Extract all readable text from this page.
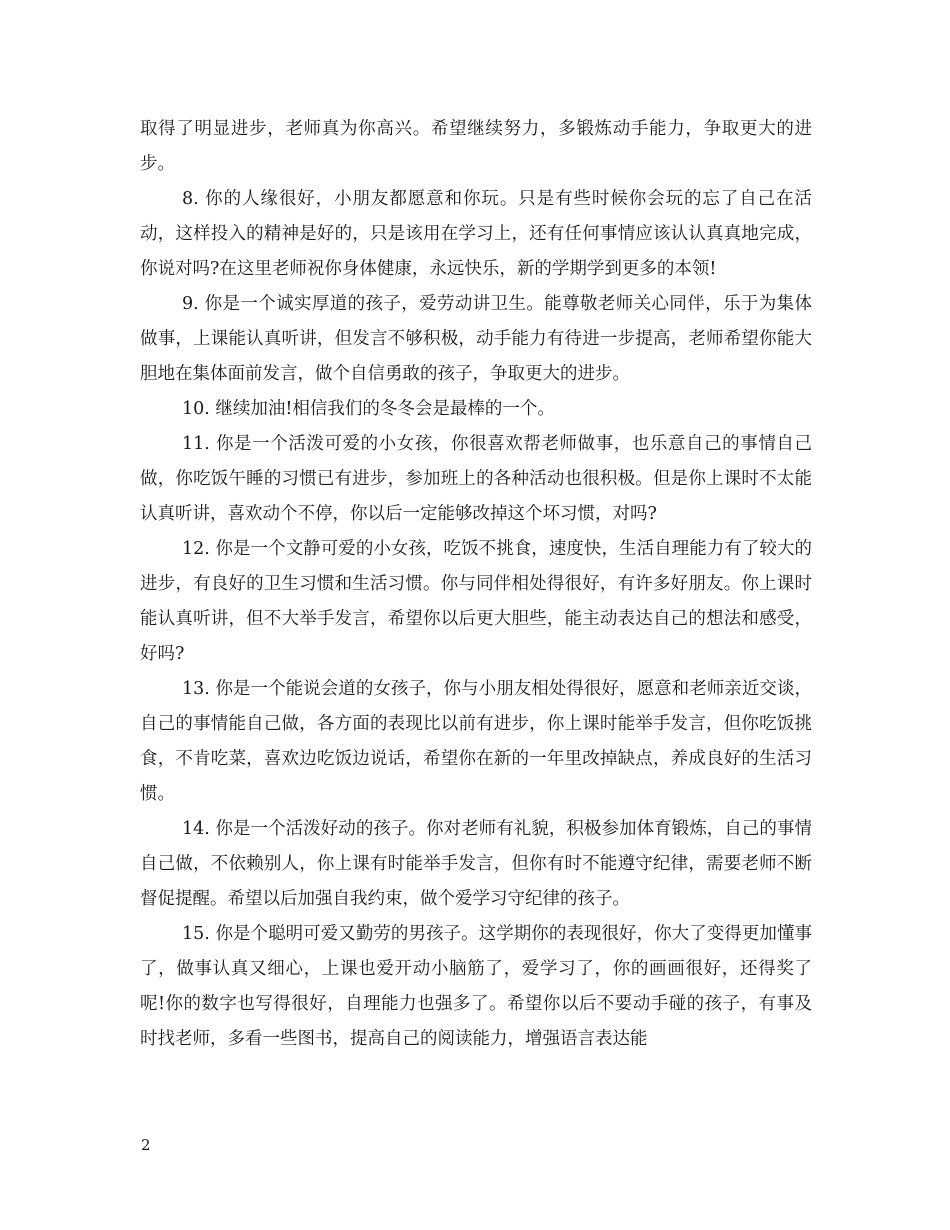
取得了明显进步，老师真为你高兴。希望继续努力，多锻炼动手能力，争取更大的进步。

8. 你的人缘很好，小朋友都愿意和你玩。只是有些时候你会玩的忘了自己在活动，这样投入的精神是好的，只是该用在学习上，还有任何事情应该认认真真地完成，你说对吗?在这里老师祝你身体健康，永远快乐，新的学期学到更多的本领!

9. 你是一个诚实厚道的孩子，爱劳动讲卫生。能尊敬老师关心同伴，乐于为集体做事，上课能认真听讲，但发言不够积极，动手能力有待进一步提高，老师希望你能大胆地在集体面前发言，做个自信勇敢的孩子，争取更大的进步。

10. 继续加油!相信我们的冬冬会是最棒的一个。

11. 你是一个活泼可爱的小女孩，你很喜欢帮老师做事，也乐意自己的事情自己做，你吃饭午睡的习惯已有进步，参加班上的各种活动也很积极。但是你上课时不太能认真听讲，喜欢动个不停，你以后一定能够改掉这个坏习惯，对吗?

12. 你是一个文静可爱的小女孩，吃饭不挑食，速度快，生活自理能力有了较大的进步，有良好的卫生习惯和生活习惯。你与同伴相处得很好，有许多好朋友。你上课时能认真听讲，但不大举手发言，希望你以后更大胆些，能主动表达自己的想法和感受，好吗?

13. 你是一个能说会道的女孩子，你与小朋友相处得很好，愿意和老师亲近交谈，自己的事情能自己做，各方面的表现比以前有进步，你上课时能举手发言，但你吃饭挑食，不肯吃菜，喜欢边吃饭边说话，希望你在新的一年里改掉缺点，养成良好的生活习惯。

14. 你是一个活泼好动的孩子。你对老师有礼貌，积极参加体育锻炼，自己的事情自己做，不依赖别人，你上课有时能举手发言，但你有时不能遵守纪律，需要老师不断督促提醒。希望以后加强自我约束，做个爱学习守纪律的孩子。

15. 你是个聪明可爱又勤劳的男孩子。这学期你的表现很好，你大了变得更加懂事了，做事认真又细心，上课也爱开动小脑筋了，爱学习了，你的画画很好，还得奖了呢!你的数字也写得很好，自理能力也强多了。希望你以后不要动手碰的孩子，有事及时找老师，多看一些图书，提高自己的阅读能力，增强语言表达能

2
